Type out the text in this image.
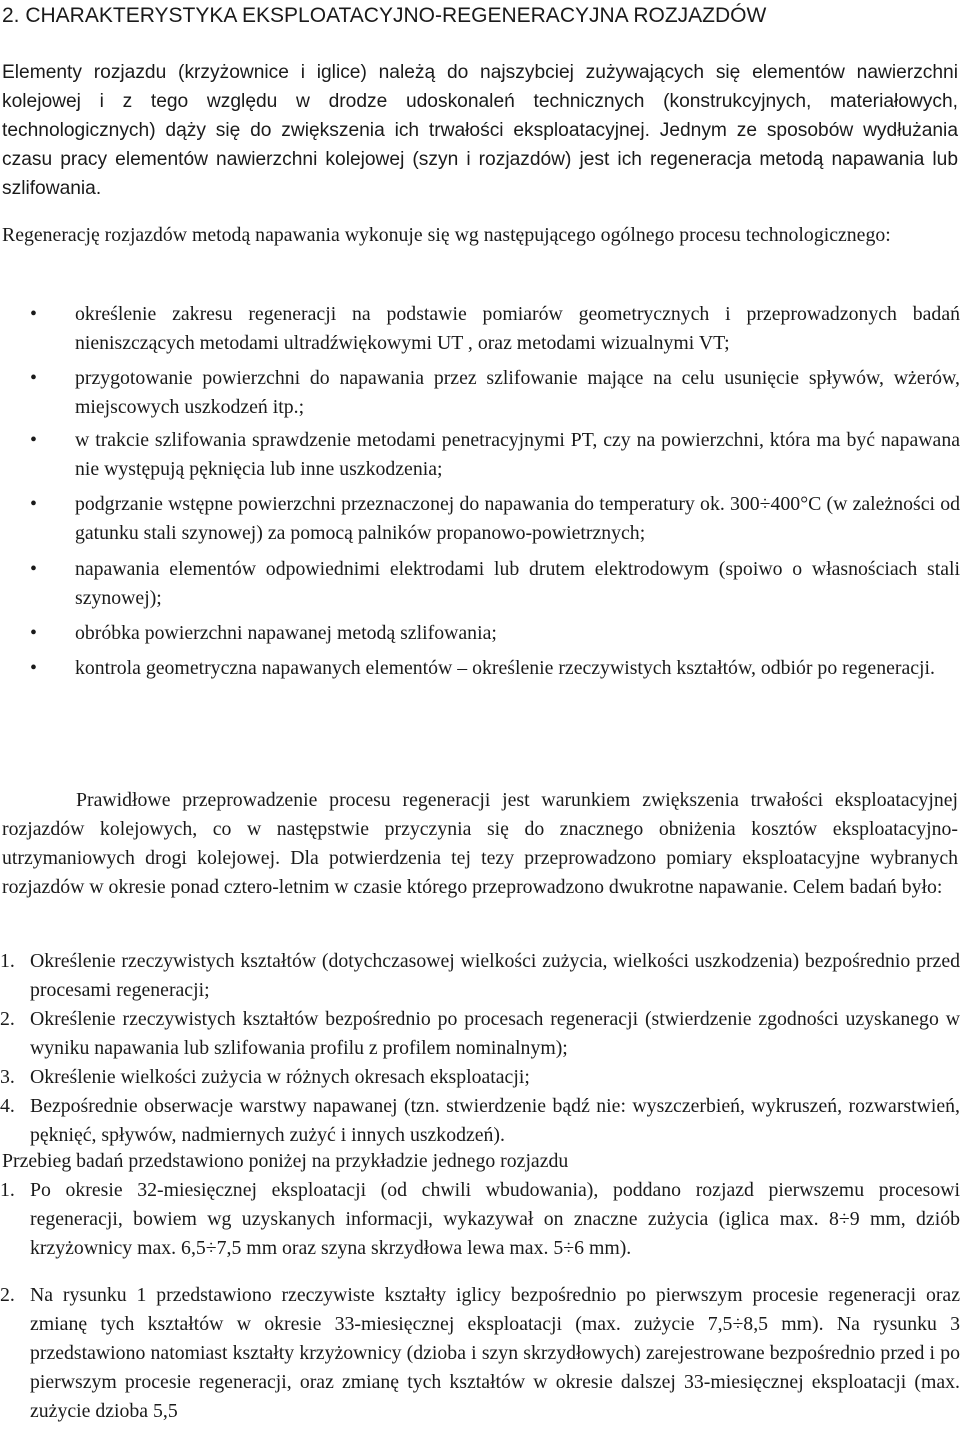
2. CHARAKTERYSTYKA EKSPLOATACYJNO-REGENERACYJNA ROZJAZDÓW
Elementy rozjazdu (krzyżownice i iglice) należą do najszybciej zużywających się elementów nawierzchni kolejowej i z tego względu w drodze udoskonaleń technicznych (konstrukcyjnych, materiałowych, technologicznych) dąży się do zwiększenia ich trwałości eksploatacyjnej. Jednym ze sposobów wydłużania czasu pracy elementów nawierzchni kolejowej (szyn i rozjazdów) jest ich regeneracja metodą napawania lub szlifowania.
Regenerację rozjazdów metodą napawania wykonuje się wg następującego ogólnego procesu technologicznego:
• określenie zakresu regeneracji na podstawie pomiarów geometrycznych i przeprowadzonych badań nieniszczących metodami ultradźwiękowymi UT , oraz metodami wizualnymi VT;
• przygotowanie powierzchni do napawania przez szlifowanie mające na celu usunięcie spływów, wżerów, miejscowych uszkodzeń itp.;
• w trakcie szlifowania sprawdzenie metodami penetracyjnymi PT, czy na powierzchni, która ma być napawana nie występują pęknięcia lub inne uszkodzenia;
• podgrzanie wstępne powierzchni przeznaczonej do napawania do temperatury ok. 300÷400°C (w zależności od gatunku stali szynowej) za pomocą palników propanowo-powietrznych;
• napawania elementów odpowiednimi elektrodami lub drutem elektrodowym (spoiwo o własnościach stali szynowej);
• obróbka powierzchni napawanej metodą szlifowania;
• kontrola geometryczna napawanych elementów – określenie rzeczywistych kształtów, odbiór po regeneracji.
Prawidłowe przeprowadzenie procesu regeneracji jest warunkiem zwiększenia trwałości eksploatacyjnej rozjazdów kolejowych, co w następstwie przyczynia się do znacznego obniżenia kosztów eksploatacyjno-utrzymaniowych drogi kolejowej. Dla potwierdzenia tej tezy przeprowadzono pomiary eksploatacyjne wybranych rozjazdów w okresie ponad cztero-letnim w czasie którego przeprowadzono dwukrotne napawanie. Celem badań było:
1. Określenie rzeczywistych kształtów (dotychczasowej wielkości zużycia, wielkości uszkodzenia) bezpośrednio przed procesami regeneracji;
2. Określenie rzeczywistych kształtów bezpośrednio po procesach regeneracji (stwierdzenie zgodności uzyskanego w wyniku napawania lub szlifowania profilu z profilem nominalnym);
3. Określenie wielkości zużycia w różnych okresach eksploatacji;
4. Bezpośrednie obserwacje warstwy napawanej (tzn. stwierdzenie bądź nie: wyszczerbień, wykruszeń, rozwarstwień, pęknięć, spływów, nadmiernych zużyć i innych uszkodzeń).
Przebieg badań przedstawiono poniżej na przykładzie jednego rozjazdu
1. Po okresie 32-miesięcznej eksploatacji (od chwili wbudowania), poddano rozjazd pierwszemu procesowi regeneracji, bowiem wg uzyskanych informacji, wykazywał on znaczne zużycia (iglica max. 8÷9 mm, dziób krzyżownicy max. 6,5÷7,5 mm oraz szyna skrzydłowa lewa max. 5÷6 mm).
2. Na rysunku 1 przedstawiono rzeczywiste kształty iglicy bezpośrednio po pierwszym procesie regeneracji oraz zmianę tych kształtów w okresie 33-miesięcznej eksploatacji (max. zużycie 7,5÷8,5 mm). Na rysunku 3 przedstawiono natomiast kształty krzyżownicy (dzioba i szyn skrzydłowych) zarejestrowane bezpośrednio przed i po pierwszym procesie regeneracji, oraz zmianę tych kształtów w okresie dalszej 33-miesięcznej eksploatacji (max. zużycie dzioba 5,5
